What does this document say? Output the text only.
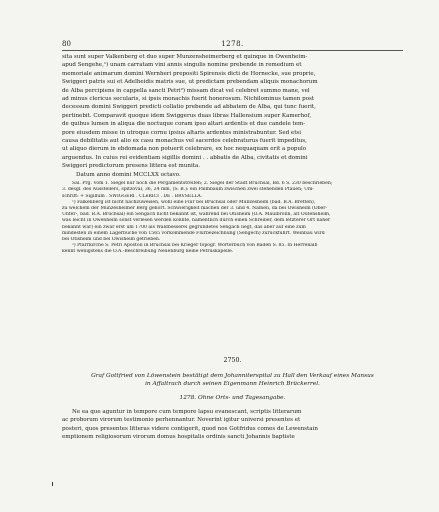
80	1278.

sita sunt super Valkenberg et duo super Munzensheimerberg et quinque in Owenheim-
apud Sengehe,¹) unam carratam vini annis singulis nomine prebende in remedium et
memoriale animarum domini Wernheri prepositi Spirensis dicti de Hornecke, sue proprie,
Swiggeri patris sui et Adelheidis matris sue, ut predictam prebendam aliquis monachorum
de Alba percipiens in cappella sancti Petri²) missam dicat vel celebret summo mane, vel
ad minus clericus secularis, si ipsis monachis fuerit honerosum. Nichilominus tamen post
decessum domini Swiggeri predicti collatio prebende ad abbatem de Alba, qui tunc fuerit,
pertinebit. Comparavit quoque idem Swiggerus duas libras Hallensium super Kamerhof,
de quibus lumen in aliqua die noctuque coram ipso altari ardentis et due candele tem-
pore eiusdem misse in utroque cornu ipsius altaris ardentes ministrabuntur. Sed etsi
causa debilitatis aut alio ex casu monachus vel sacerdos celebraturus fuerit impeditus,
ut aliquo dierum in ebdomada non potuerit celebrare, ex hoc nequaquam erit a populo
arguendus. In cuius rei evidentiam sigillis domini . . abbatis de Alba, civitatis et domini
Swiggeri predictorum presens littera est munita.
Datum anno domini MCCLXX octavo.

Sal. Prg. Vom 1. Siegel nur noch die Pergamentstreifen; 2. Siegel der Stadt Bruchsal, Bd. 6 S. 230 beschrieben;
3. desgl. des Ausstellers, spitzoval, 36, 24 mm, (S. B.): ein Palmbaum zwischen zwei stehenden Pfauen; Um-
schrift: + Sigillum . SWIGGERI . CLeRICI . DE . BRVSELLA.
¹) Falkenberg ist nicht nachzuweisen, wohl eine Flur bei Bruchsal oder Münzesheim (bad. B.A. Bretten),
zu welchem der Münzesheimer Berg gehört. Schwierigkeit machen der 3. und 4. Namen, da bei Owisheim (Ober-
Unter-, bad. B.A. Bruchsal) ein Sengach nicht bekannt ist, während bei Ötisheim (O.A. Maulbronn, alt Outensheim,
was leicht in Owenheim sonst verlesen werden konnte, namentlich durch einen Schreiber, dem letzterer Ort näher
bekannt war) ein zwar erst um 1700 als Waldbesserei gegründetes Sengach liegt, das aber auf eine zum
mindesten in einem Lagerbuche von 1565 vorkommende Flurbezeichnung (Sengech) zurückführt. Weinbau wird
bei Ötisheim und bei Owisheim getrieben.
²) Pfarrkirche S. Petri Apostoli in Bruchsal bei Krieger topogr. Wörterbuch von Baden S. 85. In Herrenalb
kennt wenigstens die O.A.-Beschreibung Neuenbürg keine Petruskapelle.
2750.
Graf Gottfried von Löwenstein bestätigt dem Johanniterspital zu Hall den Verkauf eines Mansus
in Affaltrach durch seinen Eigenmann Heinrich Brückerrel.
1278. Ohne Orts- und Tagesangabe.

Ne ea que aguntur in tempore cum tempore lapsu evanescant, scriptis litterarum
ac proborum virorum testimonio perhennantur. Noverint igitur universi presentes et
posteri, quos presentes litteras videre contigerit, quod nos Gotfridus comes de Lewenstain
emptionem religiosorum virorum domus hospitalis ordinis sancti Johannis baptiste
